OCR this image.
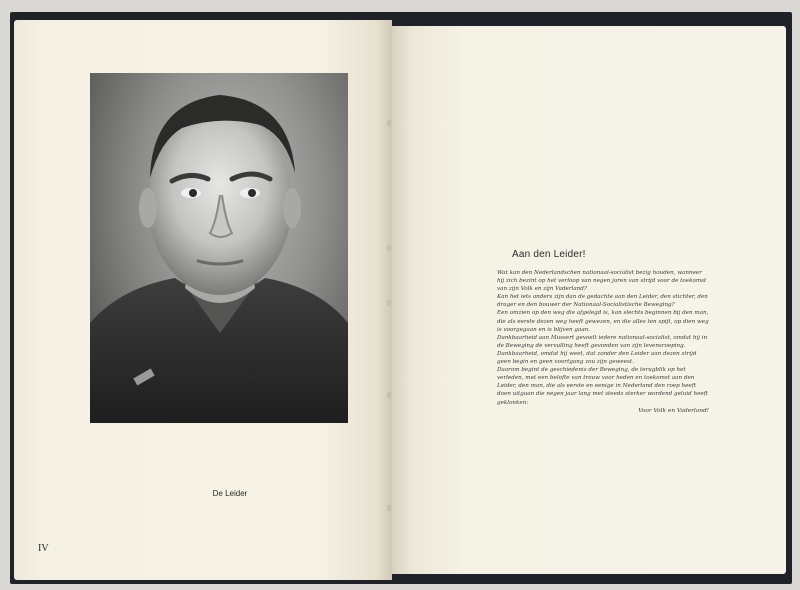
De Leider
IV
Aan den Leider!

Wat kan den Nederlandschen nationaal-socialist bezig houden, wanneer hij zich bezint op het verloop van negen jaren van strijd voor de toekomst van zijn Volk en zijn Vaderland?

Kan het iets anders zijn dan de gedachte aan den Leider, den stichter, den drager en den bouwer der Nationaal-Socialistische Beweging?

Een omzien op den weg die afgelegd is, kan slechts beginnen bij den man, die als eerste dezen weg heeft gewezen, en die alles ten spijt, op dien weg is voorgegaan en is blijven gaan.

Dankbaarheid aan Mussert gevoelt iedere nationaal-socialist, omdat hij in de Beweging de vervulling heeft gevonden van zijn levensroeping.

Dankbaarheid, omdat hij weet, dat zonder den Leider aan dezen strijd geen begin en geen voortgang zou zijn geweest.

Daarom begint de geschiedenis der Beweging, de terugblik op het verleden, met een belofte van trouw voor heden en toekomst aan den Leider, den man, die als eerste en eenige in Nederland den roep heeft doen uitgaan die negen jaar lang met steeds sterker wordend geluid heeft geklonken:

Voor Volk en Vaderland!
